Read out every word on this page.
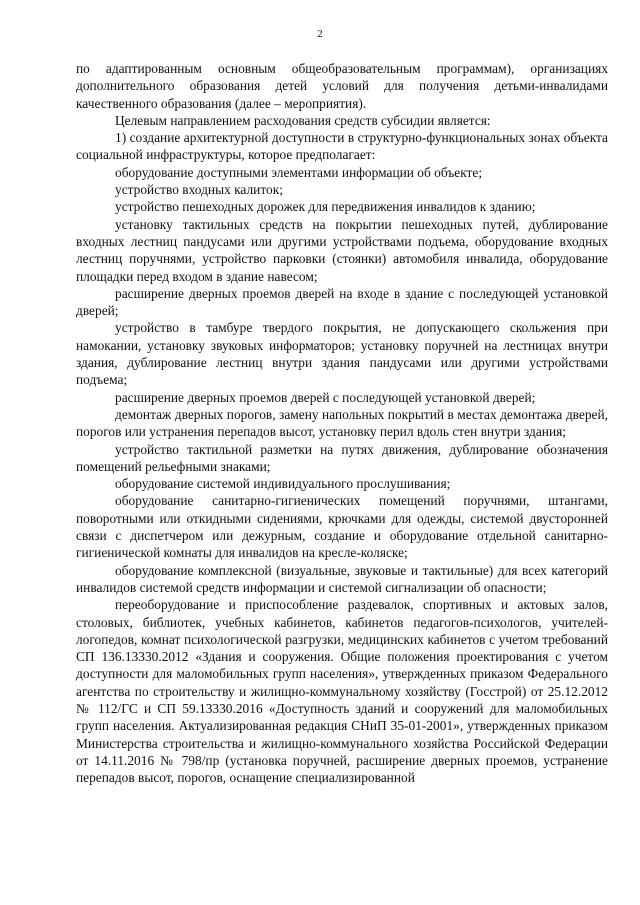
2

по адаптированным основным общеобразовательным программам), организациях дополнительного образования детей условий для получения детьми-инвалидами качественного образования (далее – мероприятия).

Целевым направлением расходования средств субсидии является:

1) создание архитектурной доступности в структурно-функциональных зонах объекта социальной инфраструктуры, которое предполагает:

оборудование доступными элементами информации об объекте;

устройство входных калиток;

устройство пешеходных дорожек для передвижения инвалидов к зданию;

установку тактильных средств на покрытии пешеходных путей, дублирование входных лестниц пандусами или другими устройствами подъема, оборудование входных лестниц поручнями, устройство парковки (стоянки) автомобиля инвалида, оборудование площадки перед входом в здание навесом;

расширение дверных проемов дверей на входе в здание с последующей установкой дверей;

устройство в тамбуре твердого покрытия, не допускающего скольжения при намокании, установку звуковых информаторов; установку поручней на лестницах внутри здания, дублирование лестниц внутри здания пандусами или другими устройствами подъема;

расширение дверных проемов дверей с последующей установкой дверей;

демонтаж дверных порогов, замену напольных покрытий в местах демонтажа дверей, порогов или устранения перепадов высот, установку перил вдоль стен внутри здания;

устройство тактильной разметки на путях движения, дублирование обозначения помещений рельефными знаками;

оборудование системой индивидуального прослушивания;

оборудование санитарно-гигиенических помещений поручнями, штангами, поворотными или откидными сидениями, крючками для одежды, системой двусторонней связи с диспетчером или дежурным, создание и оборудование отдельной санитарно-гигиенической комнаты для инвалидов на кресле-коляске;

оборудование комплексной (визуальные, звуковые и тактильные) для всех категорий инвалидов системой средств информации и системой сигнализации об опасности;

переоборудование и приспособление раздевалок, спортивных и актовых залов, столовых, библиотек, учебных кабинетов, кабинетов педагогов-психологов, учителей-логопедов, комнат психологической разгрузки, медицинских кабинетов с учетом требований СП 136.13330.2012 «Здания и сооружения. Общие положения проектирования с учетом доступности для маломобильных групп населения», утвержденных приказом Федерального агентства по строительству и жилищно-коммунальному хозяйству (Госстрой) от 25.12.2012 № 112/ГС и СП 59.13330.2016 «Доступность зданий и сооружений для маломобильных групп населения. Актуализированная редакция СНиП 35-01-2001», утвержденных приказом Министерства строительства и жилищно-коммунального хозяйства Российской Федерации от 14.11.2016 № 798/пр (установка поручней, расширение дверных проемов, устранение перепадов высот, порогов, оснащение специализированной
